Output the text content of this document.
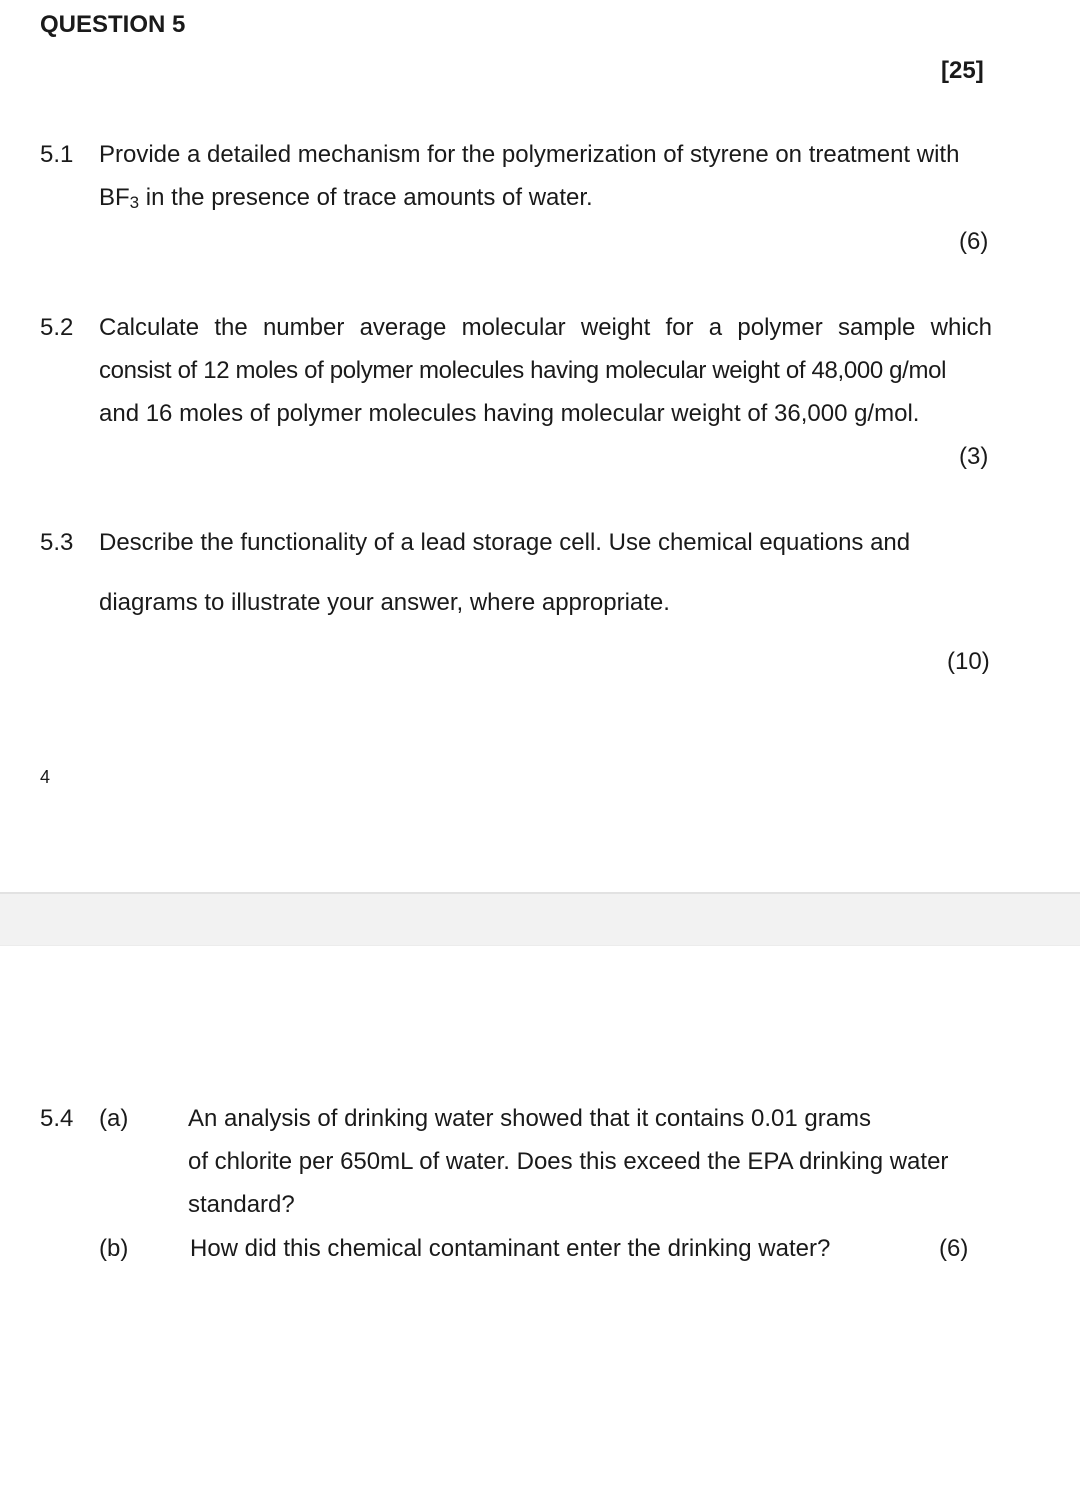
QUESTION 5
[25]
5.1 Provide a detailed mechanism for the polymerization of styrene on treatment with
$BF_3$ in the presence of trace amounts of water.
(6)
5.2 Calculate the number average molecular weight for a polymer sample which
consist of 12 moles of polymer molecules having molecular weight of 48,000 g/mol
and 16 moles of polymer molecules having molecular weight of 36,000 g/mol.
(3)
5.3 Describe the functionality of a lead storage cell. Use chemical equations and
diagrams to illustrate your answer, where appropriate.
(10)
4
5.4 (a) An analysis of drinking water showed that it contains 0.01 grams
of chlorite per 650mL of water. Does this exceed the EPA drinking water
standard?
(b)	How did this chemical contaminant enter the drinking water?	(6)
